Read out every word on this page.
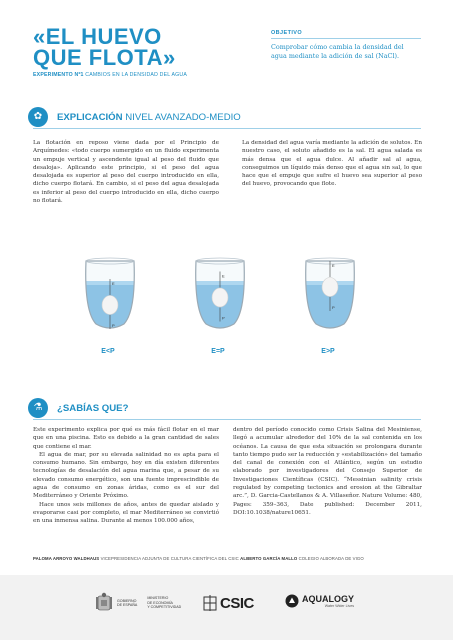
«EL HUEVO
QUE FLOTA»
EXPERIMENTO Nº1 CAMBIOS EN LA DENSIDAD DEL AGUA
OBJETIVO
Comprobar cómo cambia la densidad del agua mediante la adición de sal (NaCl).
✿	EXPLICACIÓN NIVEL AVANZADO-MEDIO

La flotación en reposo viene dada por el Principio de Arquímedes: «todo cuerpo sumergido en un fluido experimenta un empuje vertical y ascendente igual al peso del fluido que desaloja». Aplicando este principio, si el peso del agua desalojada es superior al peso del cuerpo introducido en ella, dicho cuerpo flotará. En cambio, si el peso del agua desalojada es inferior al peso del cuerpo introducido en ella, dicho cuerpo no flotará.

La densidad del agua varía mediante la adición de solutos. En nuestro caso, el soluto añadido es la sal. El agua salada es más densa que el agua dulce. Al añadir sal al agua, conseguimos un líquido más denso que el agua sin sal, lo que hace que el empuje que sufre el huevo sea superior al peso del huevo, provocando que flote.

E
P
E
P
E
P
E<P	E=P	E>P
⚗	¿SABÍAS QUE?

Este experimento explica por qué es más fácil flotar en el mar que en una piscina. Esto es debido a la gran cantidad de sales que contiene el mar.

El agua de mar, por su elevada salinidad no es apta para el consumo humano. Sin embargo, hoy en día existen diferentes tecnologías de desalación del agua marina que, a pesar de su elevado consumo energético, son una fuente imprescindible de agua de consumo en zonas áridas, como es el sur del Mediterráneo y Oriente Próximo.

Hace unos seis millones de años, antes de quedar aislado y evaporarse casi por completo, el mar Mediterráneo se convirtió en una inmensa salina. Durante al menos 100.000 años,

dentro del período conocido como Crisis Salina del Mesiniense, llegó a acumular alrededor del 10% de la sal contenida en los océanos. La causa de que esta situación se prolongara durante tanto tiempo pudo ser la reducción y «estabilización» del tamaño del canal de conexión con el Atlántico, según un estudio elaborado por investigadores del Consejo Superior de Investigaciones Científicas (CSIC). “Messinian salinity crisis regulated by competing tectonics and erosion at the Gibraltar arc.”, D. Garcia-Castellanos & A. Villaseñor. Nature Volume: 480, Pages: 359–363, Date published: December 2011, DOI:10.1038/nature10651.

PALOMA ARROYO WALDHAUS VICEPRESIDENCIA ADJUNTA DE CULTURA CIENTÍFICA DEL CSIC ALBERTO GARCÍA MALLO COLEGIO ALBORADA DE VIGO
GOBIERNO
DE ESPAÑA
MINISTERIO
DE ECONOMÍA
Y COMPETITIVIDAD	CSIC	AQUALOGY
Water Wider Lives
